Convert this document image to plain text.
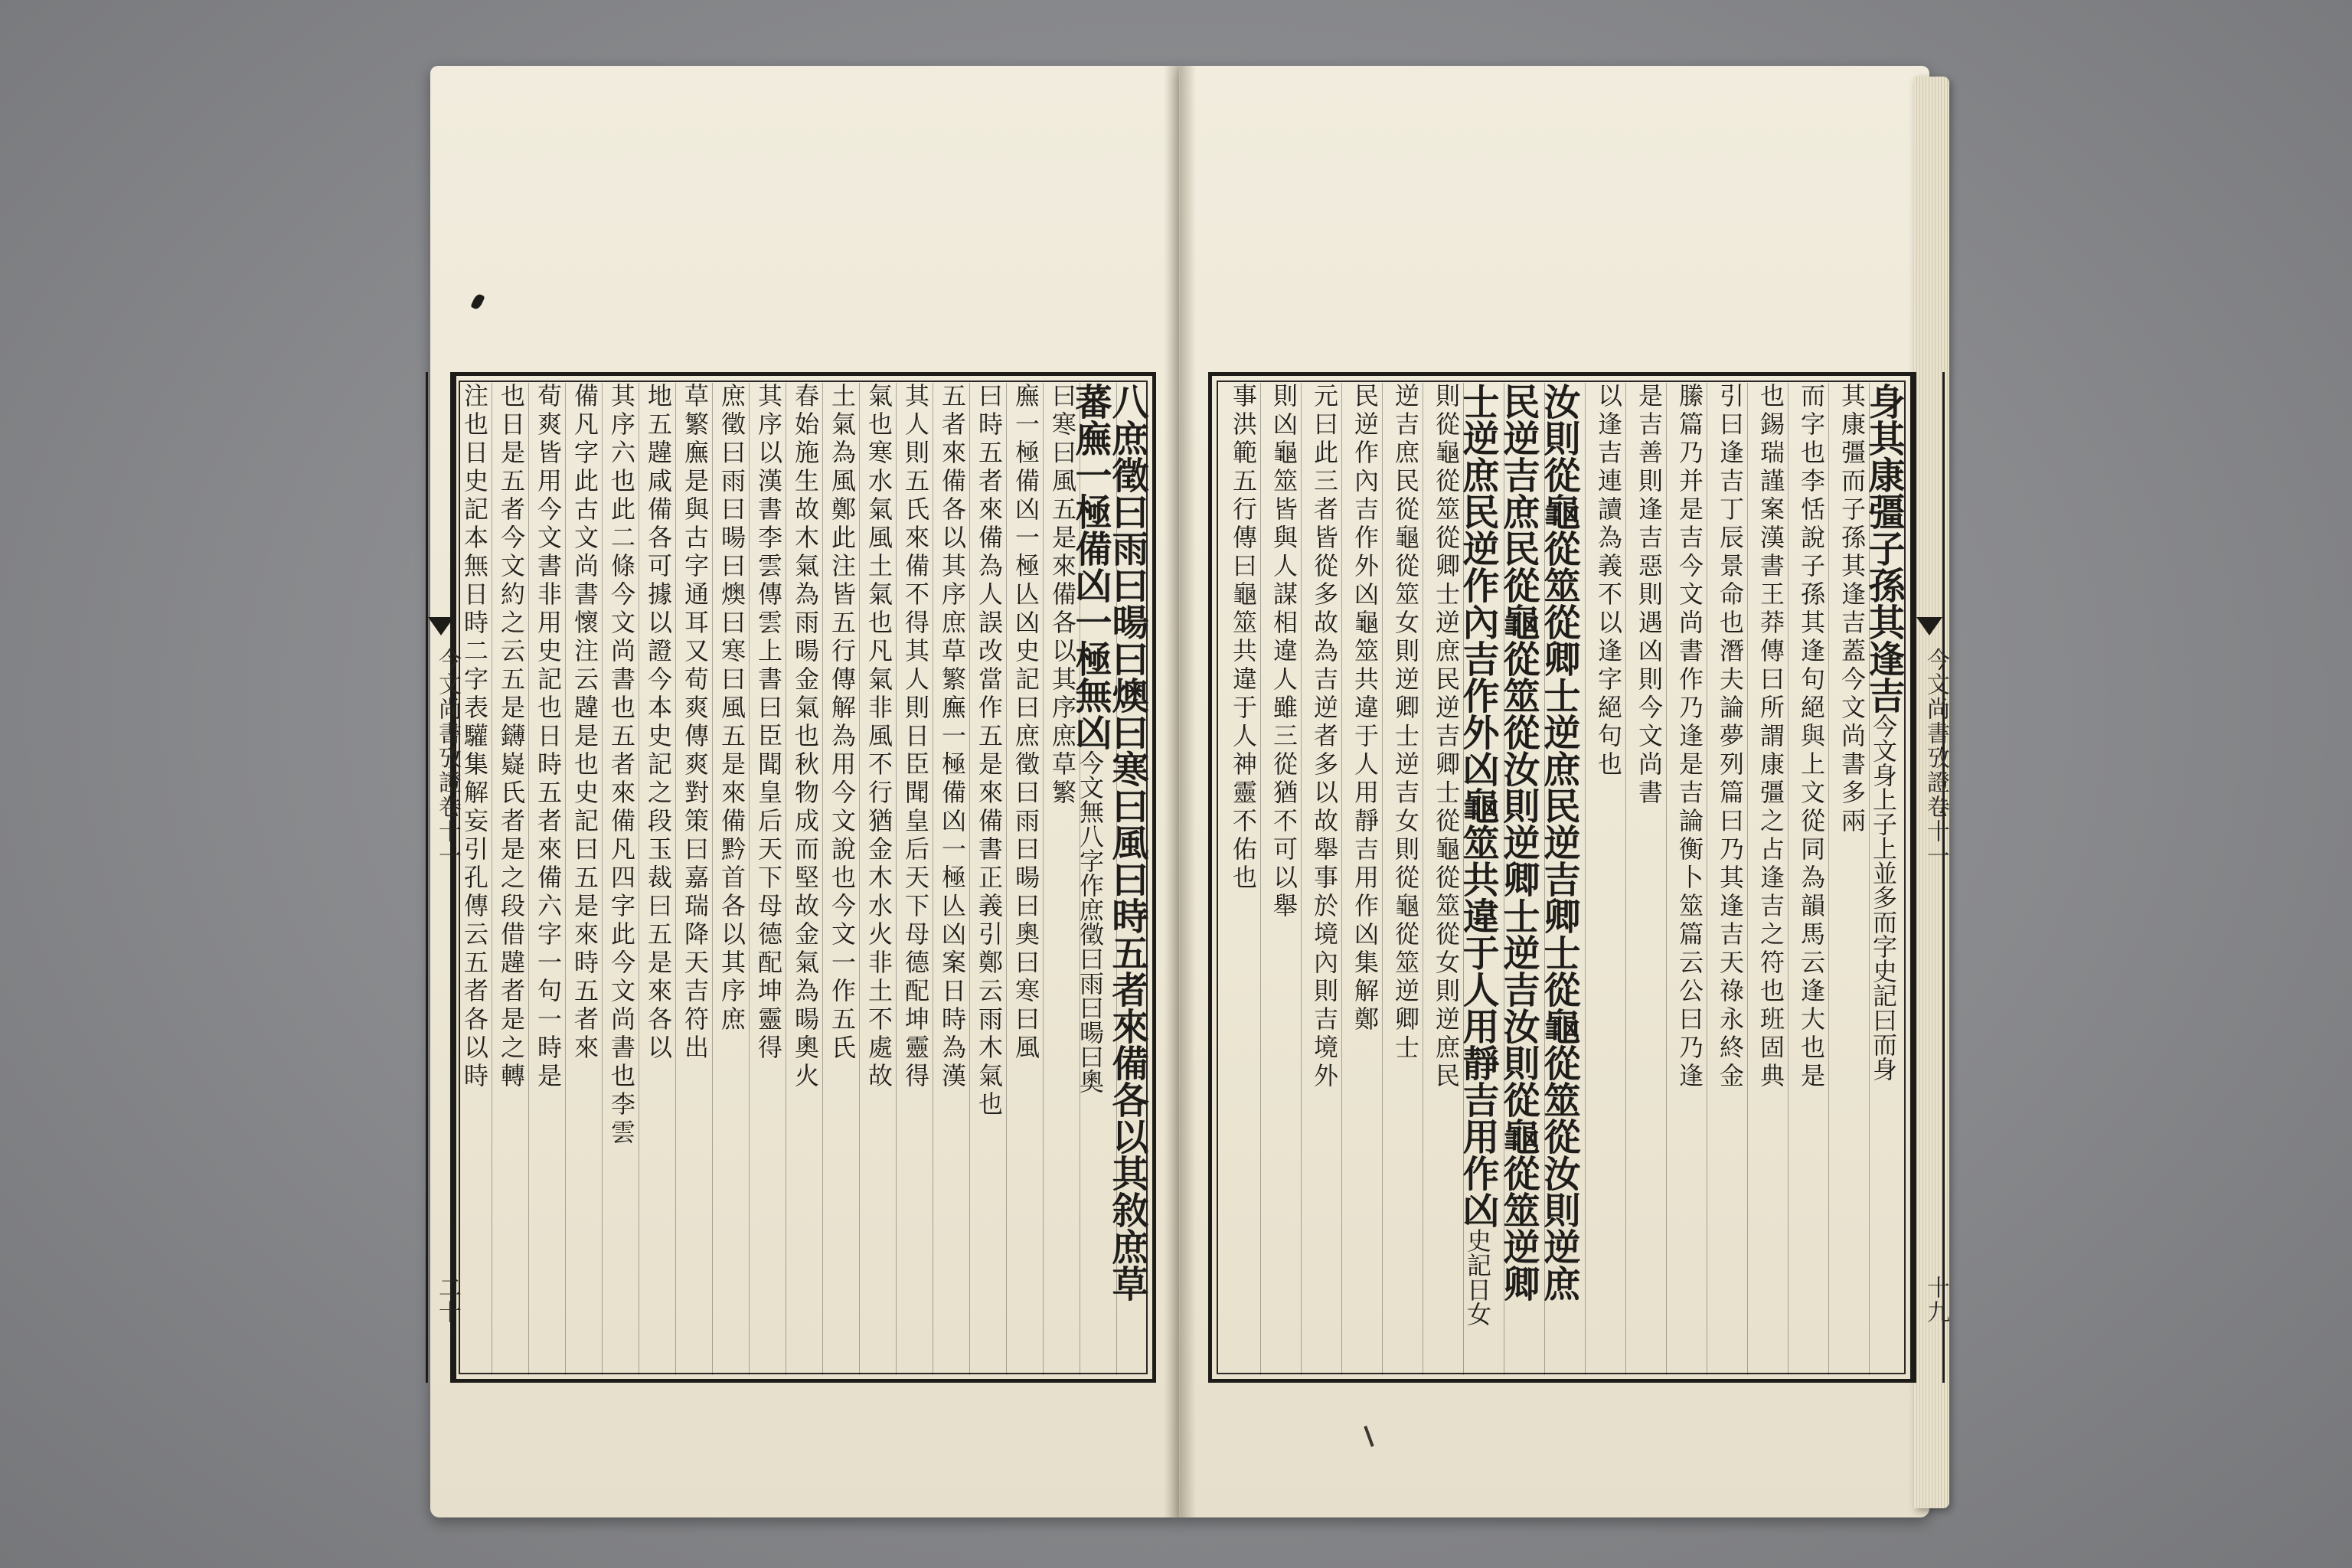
今文尚書攷證卷十一
二十
今文尚書攷證卷十一
十九
八庶徵曰雨曰暘曰燠曰寒曰風曰時五者來備各以其敘庶草
蕃廡一極備凶一極無凶今文無八字作庶徵曰雨曰暘曰奧
曰寒曰風五是來備各以其序庶草繁
廡一極備凶一極亾凶史記曰庶徵曰雨曰暘曰奧曰寒曰風
曰時五者來備為人誤改當作五是來備書正義引鄭云雨木氣也
五者來備各以其序庶草繁廡一極備凶一極亾凶案日時為漢
其人則五氏來備不得其人則日臣聞皇后天下母德配坤靈得
氣也寒水氣風土氣也凡氣非風不行猶金木水火非土不處故
土氣為風鄭此注皆五行傳解為用今文說也今文一作五氏
春始施生故木氣為雨暘金氣也秋物成而堅故金氣為暘奧火
其序以漢書李雲傳雲上書曰臣聞皇后天下母德配坤靈得
庶徵曰雨曰暘曰燠曰寒曰風五是來備黔首各以其序庶
草繁廡是與古字通耳又荀爽傳爽對策曰嘉瑞降天吉符出
地五韙咸備各可據以證今本史記之段玉裁曰五是來各以
其序六也此二條今文尚書也五者來備凡四字此今文尚書也李雲
備凡字此古文尚書懷注云韙是也史記曰五是來時五者來
荀爽皆用今文書非用史記也日時五者來備六字一句一時是
也日是五者今文約之云五是鑮嶷氏者是之段借韙者是之轉
注也日史記本無日時二字表驩集解妄引孔傳云五者各以時	身其康彊子孫其逢吉今文身上子上並多而字史記曰而身
其康彊而子孫其逢吉蓋今文尚書多兩
而字也李恬說子孫其逢句絕與上文從同為韻馬云逢大也是
也錫瑞謹案漢書王莽傳曰所謂康彊之占逢吉之符也班固典
引曰逢吉丁辰景命也潛夫論夢列篇曰乃其逢吉天祿永終金
縢篇乃并是吉今文尚書作乃逢是吉論衡卜筮篇云公曰乃逢
是吉善則逢吉惡則遇凶則今文尚書
以逢吉連讀為義不以逢字絕句也
汝則從龜從筮從卿士逆庶民逆吉卿士從龜從筮從汝則逆庶
民逆吉庶民從龜從筮從汝則逆卿士逆吉汝則從龜從筮逆卿
士逆庶民逆作內吉作外凶龜筮共違于人用靜吉用作凶史記日女
則從龜從筮從卿士逆庶民逆吉卿士從龜從筮從女則逆庶民
逆吉庶民從龜從筮女則逆卿士逆吉女則從龜從筮逆卿士
民逆作內吉作外凶龜筮共違于人用靜吉用作凶集解鄭
元曰此三者皆從多故為吉逆者多以故舉事於境內則吉境外
則凶龜筮皆與人謀相違人雖三從猶不可以舉
事洪範五行傳曰龜筮共違于人神靈不佑也
